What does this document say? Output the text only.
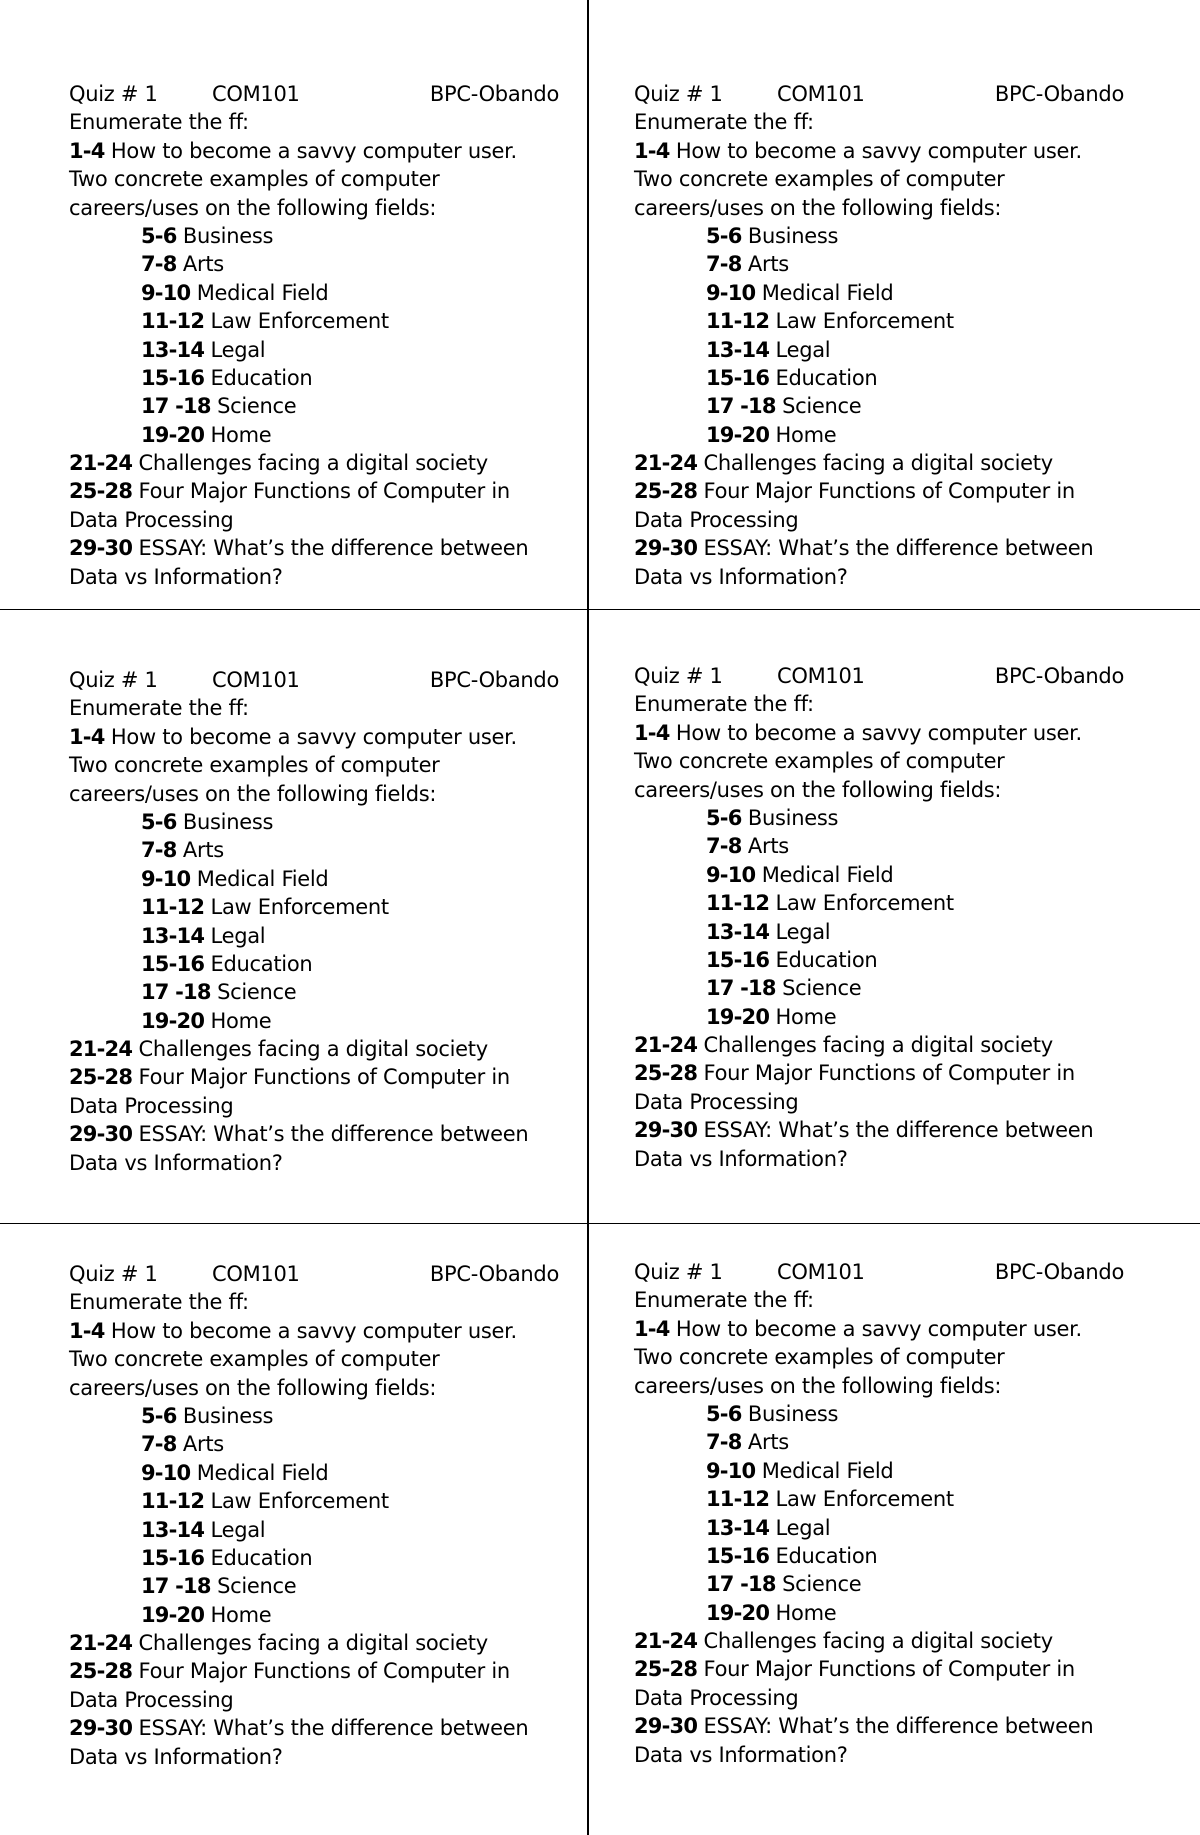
Quiz # 1	COM101	BPC-Obando
Enumerate the ff:
1-4 How to become a savvy computer user.
Two concrete examples of computer
careers/uses on the following fields:
5-6 Business
7-8 Arts
9-10 Medical Field
11-12 Law Enforcement
13-14 Legal
15-16 Education
17 -18 Science
19-20 Home
21-24 Challenges facing a digital society
25-28 Four Major Functions of Computer in
Data Processing
29-30 ESSAY: What’s the difference between
Data vs Information?
Quiz # 1	COM101	BPC-Obando
Enumerate the ff:
1-4 How to become a savvy computer user.
Two concrete examples of computer
careers/uses on the following fields:
5-6 Business
7-8 Arts
9-10 Medical Field
11-12 Law Enforcement
13-14 Legal
15-16 Education
17 -18 Science
19-20 Home
21-24 Challenges facing a digital society
25-28 Four Major Functions of Computer in
Data Processing
29-30 ESSAY: What’s the difference between
Data vs Information?
Quiz # 1	COM101	BPC-Obando
Enumerate the ff:
1-4 How to become a savvy computer user.
Two concrete examples of computer
careers/uses on the following fields:
5-6 Business
7-8 Arts
9-10 Medical Field
11-12 Law Enforcement
13-14 Legal
15-16 Education
17 -18 Science
19-20 Home
21-24 Challenges facing a digital society
25-28 Four Major Functions of Computer in
Data Processing
29-30 ESSAY: What’s the difference between
Data vs Information?
Quiz # 1	COM101	BPC-Obando
Enumerate the ff:
1-4 How to become a savvy computer user.
Two concrete examples of computer
careers/uses on the following fields:
5-6 Business
7-8 Arts
9-10 Medical Field
11-12 Law Enforcement
13-14 Legal
15-16 Education
17 -18 Science
19-20 Home
21-24 Challenges facing a digital society
25-28 Four Major Functions of Computer in
Data Processing
29-30 ESSAY: What’s the difference between
Data vs Information?
Quiz # 1	COM101	BPC-Obando
Enumerate the ff:
1-4 How to become a savvy computer user.
Two concrete examples of computer
careers/uses on the following fields:
5-6 Business
7-8 Arts
9-10 Medical Field
11-12 Law Enforcement
13-14 Legal
15-16 Education
17 -18 Science
19-20 Home
21-24 Challenges facing a digital society
25-28 Four Major Functions of Computer in
Data Processing
29-30 ESSAY: What’s the difference between
Data vs Information?
Quiz # 1	COM101	BPC-Obando
Enumerate the ff:
1-4 How to become a savvy computer user.
Two concrete examples of computer
careers/uses on the following fields:
5-6 Business
7-8 Arts
9-10 Medical Field
11-12 Law Enforcement
13-14 Legal
15-16 Education
17 -18 Science
19-20 Home
21-24 Challenges facing a digital society
25-28 Four Major Functions of Computer in
Data Processing
29-30 ESSAY: What’s the difference between
Data vs Information?
